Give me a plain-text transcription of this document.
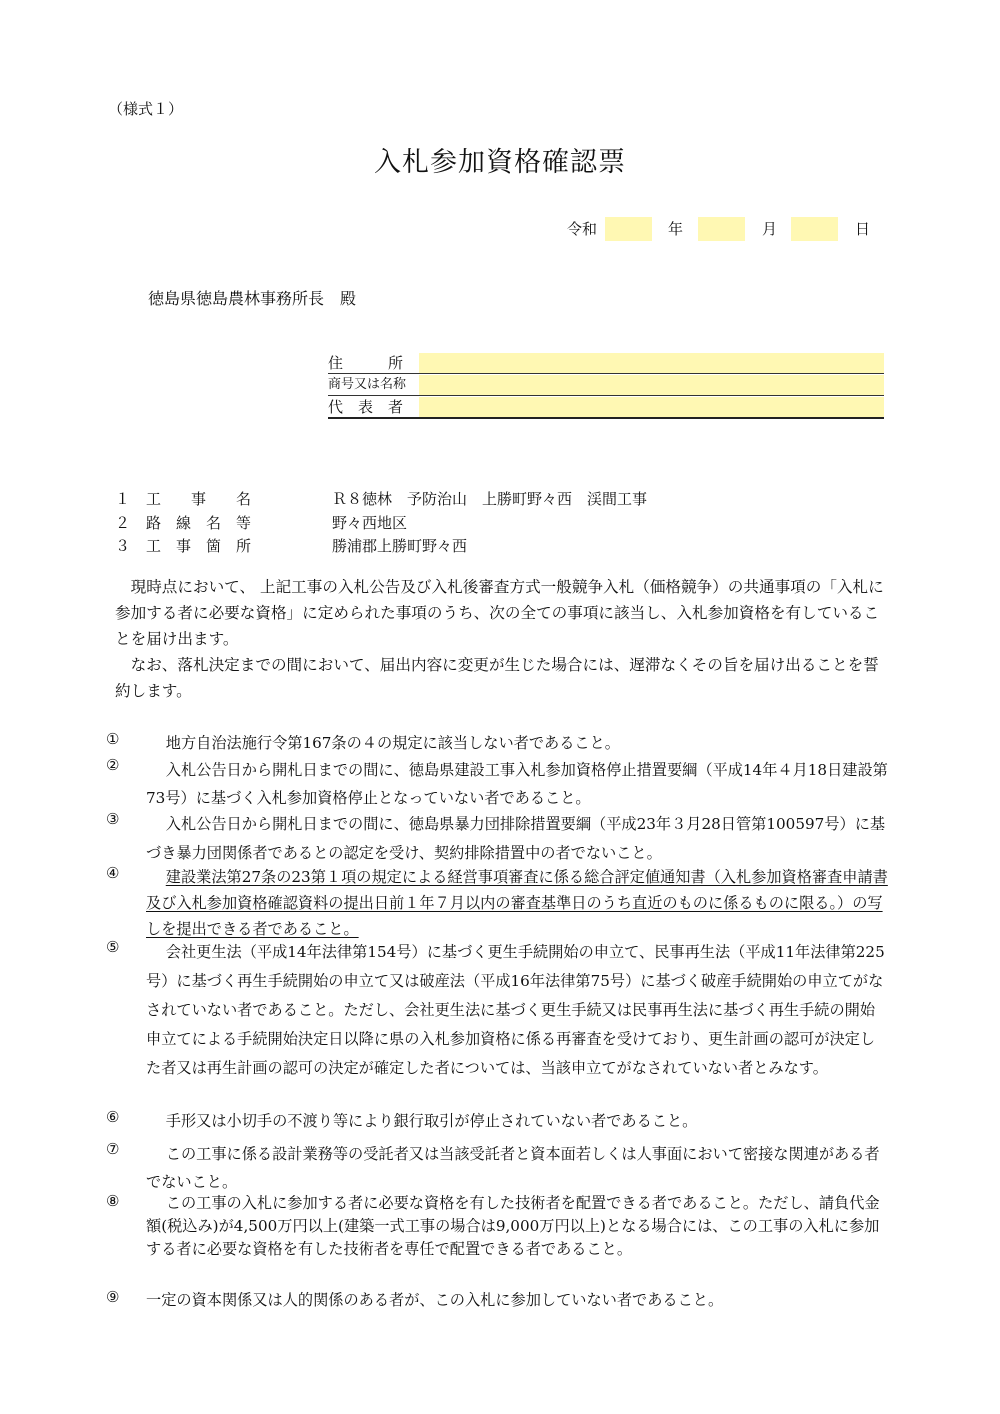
（様式１）
入札参加資格確認票
令和	年	月	日
徳島県徳島農林事務所長　殿
住　　　所
商号又は名称
代　表　者
１ 工　　事　　名	Ｒ８徳林　予防治山　上勝町野々西　渓間工事
２ 路　線　名　等	野々西地区
３ 工　事　箇　所	勝浦郡上勝町野々西

現時点において、 上記工事の入札公告及び入札後審査方式一般競争入札（価格競争）の共通事項の「入札に参加する者に必要な資格」に定められた事項のうち、次の全ての事項に該当し、入札参加資格を有していることを届け出ます。

なお、落札決定までの間において、届出内容に変更が生じた場合には、遅滞なくその旨を届け出ることを誓約します。

①	地方自治法施行令第167条の４の規定に該当しない者であること。
②	入札公告日から開札日までの間に、徳島県建設工事入札参加資格停止措置要綱（平成14年４月18日建設第73号）に基づく入札参加資格停止となっていない者であること。
③	入札公告日から開札日までの間に、徳島県暴力団排除措置要綱（平成23年３月28日管第100597号）に基づき暴力団関係者であるとの認定を受け、契約排除措置中の者でないこと。
④	建設業法第27条の23第１項の規定による経営事項審査に係る総合評定値通知書（入札参加資格審査申請書及び入札参加資格確認資料の提出日前１年７月以内の審査基準日のうち直近のものに係るものに限る。）の写しを提出できる者であること。
⑤	会社更生法（平成14年法律第154号）に基づく更生手続開始の申立て、民事再生法（平成11年法律第225号）に基づく再生手続開始の申立て又は破産法（平成16年法律第75号）に基づく破産手続開始の申立てがなされていない者であること。ただし、会社更生法に基づく更生手続又は民事再生法に基づく再生手続の開始申立てによる手続開始決定日以降に県の入札参加資格に係る再審査を受けており、更生計画の認可が決定した者又は再生計画の認可の決定が確定した者については、当該申立てがなされていない者とみなす。
⑥	手形又は小切手の不渡り等により銀行取引が停止されていない者であること。
⑦	この工事に係る設計業務等の受託者又は当該受託者と資本面若しくは人事面において密接な関連がある者でないこと。
⑧	この工事の入札に参加する者に必要な資格を有した技術者を配置できる者であること。ただし、請負代金額(税込み)が4,500万円以上(建築一式工事の場合は9,000万円以上)となる場合には、この工事の入札に参加する者に必要な資格を有した技術者を専任で配置できる者であること。
⑨	一定の資本関係又は人的関係のある者が、この入札に参加していない者であること。
